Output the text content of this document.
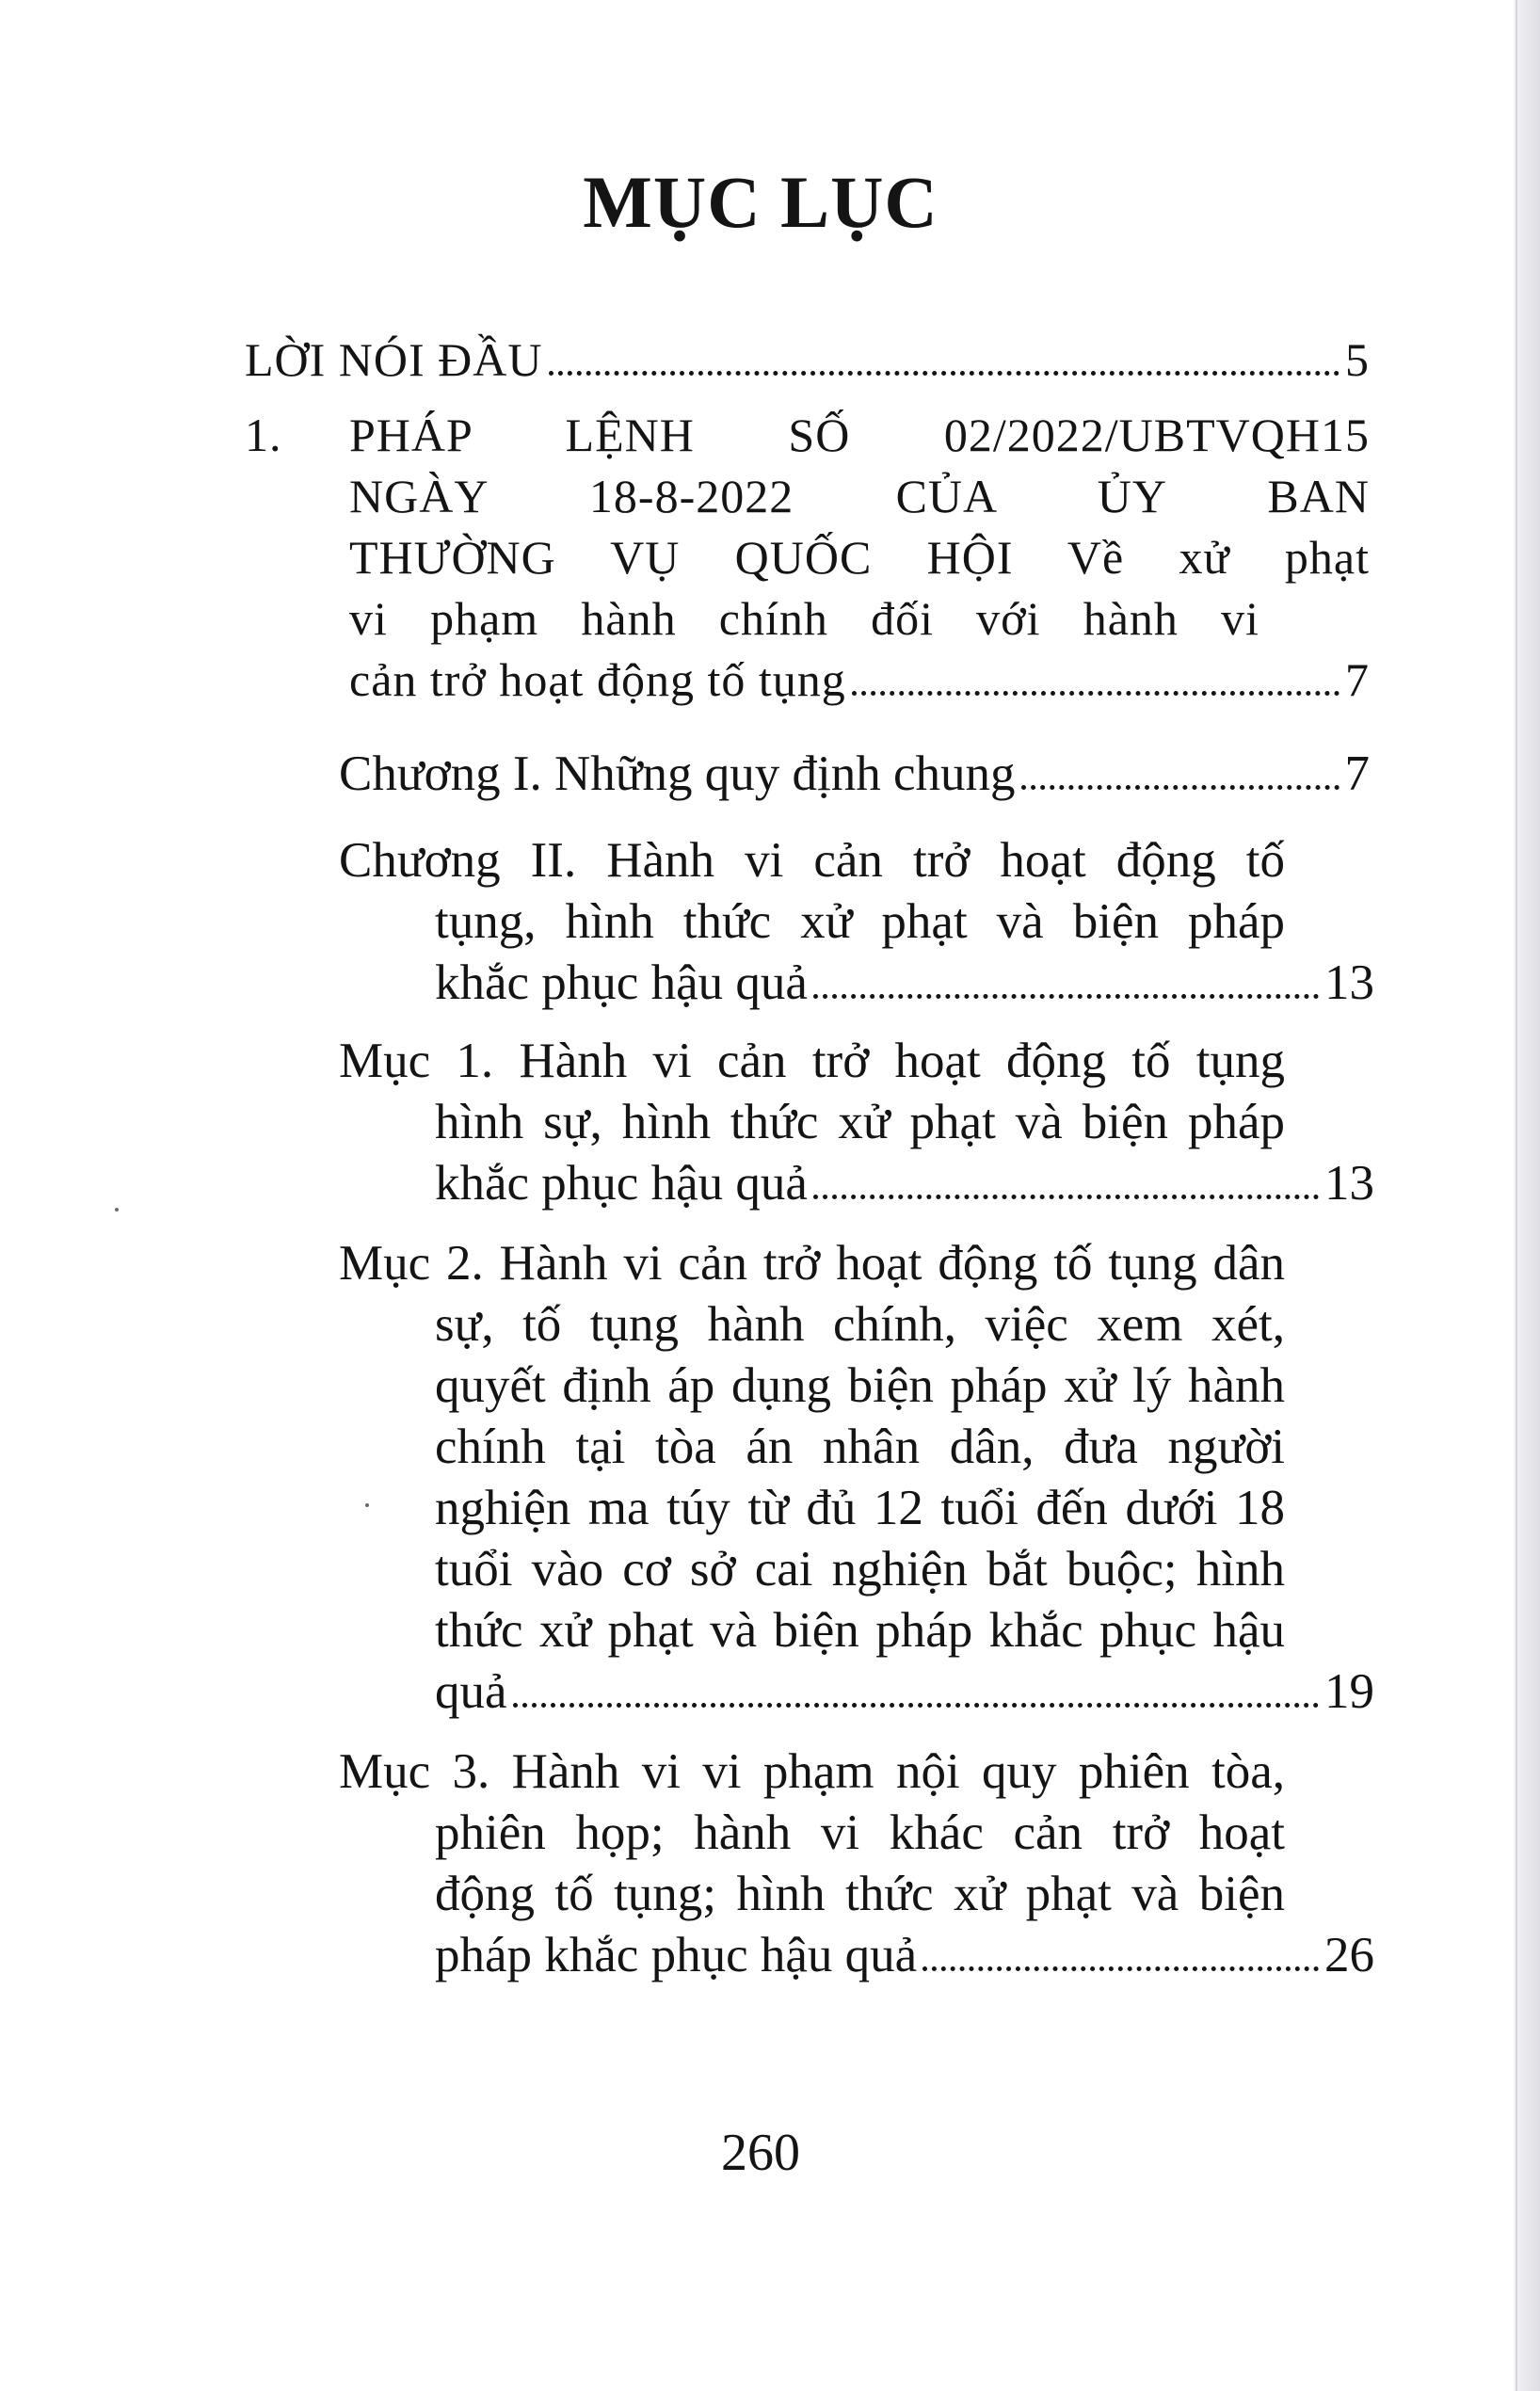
MỤC LỤC
LỜI NÓI ĐẦU	5
1. PHÁP LỆNH SỐ 02/2022/UBTVQH15
NGÀY 18-8-2022 CỦA ỦY BAN
THƯỜNG VỤ QUỐC HỘI Về xử phạt
vi phạm hành chính đối với hành vi
cản trở hoạt động tố tụng	7
Chương I. Những quy định chung	7
Chương II. Hành vi cản trở hoạt động tố
tụng, hình thức xử phạt và biện pháp
khắc phục hậu quả	13
Mục 1. Hành vi cản trở hoạt động tố tụng
hình sự, hình thức xử phạt và biện pháp
khắc phục hậu quả	13
Mục 2. Hành vi cản trở hoạt động tố tụng dân
sự, tố tụng hành chính, việc xem xét,
quyết định áp dụng biện pháp xử lý hành
chính tại tòa án nhân dân, đưa người
nghiện ma túy từ đủ 12 tuổi đến dưới 18
tuổi vào cơ sở cai nghiện bắt buộc; hình
thức xử phạt và biện pháp khắc phục hậu
quả	19
Mục 3. Hành vi vi phạm nội quy phiên tòa,
phiên họp; hành vi khác cản trở hoạt
động tố tụng; hình thức xử phạt và biện
pháp khắc phục hậu quả	26
260
